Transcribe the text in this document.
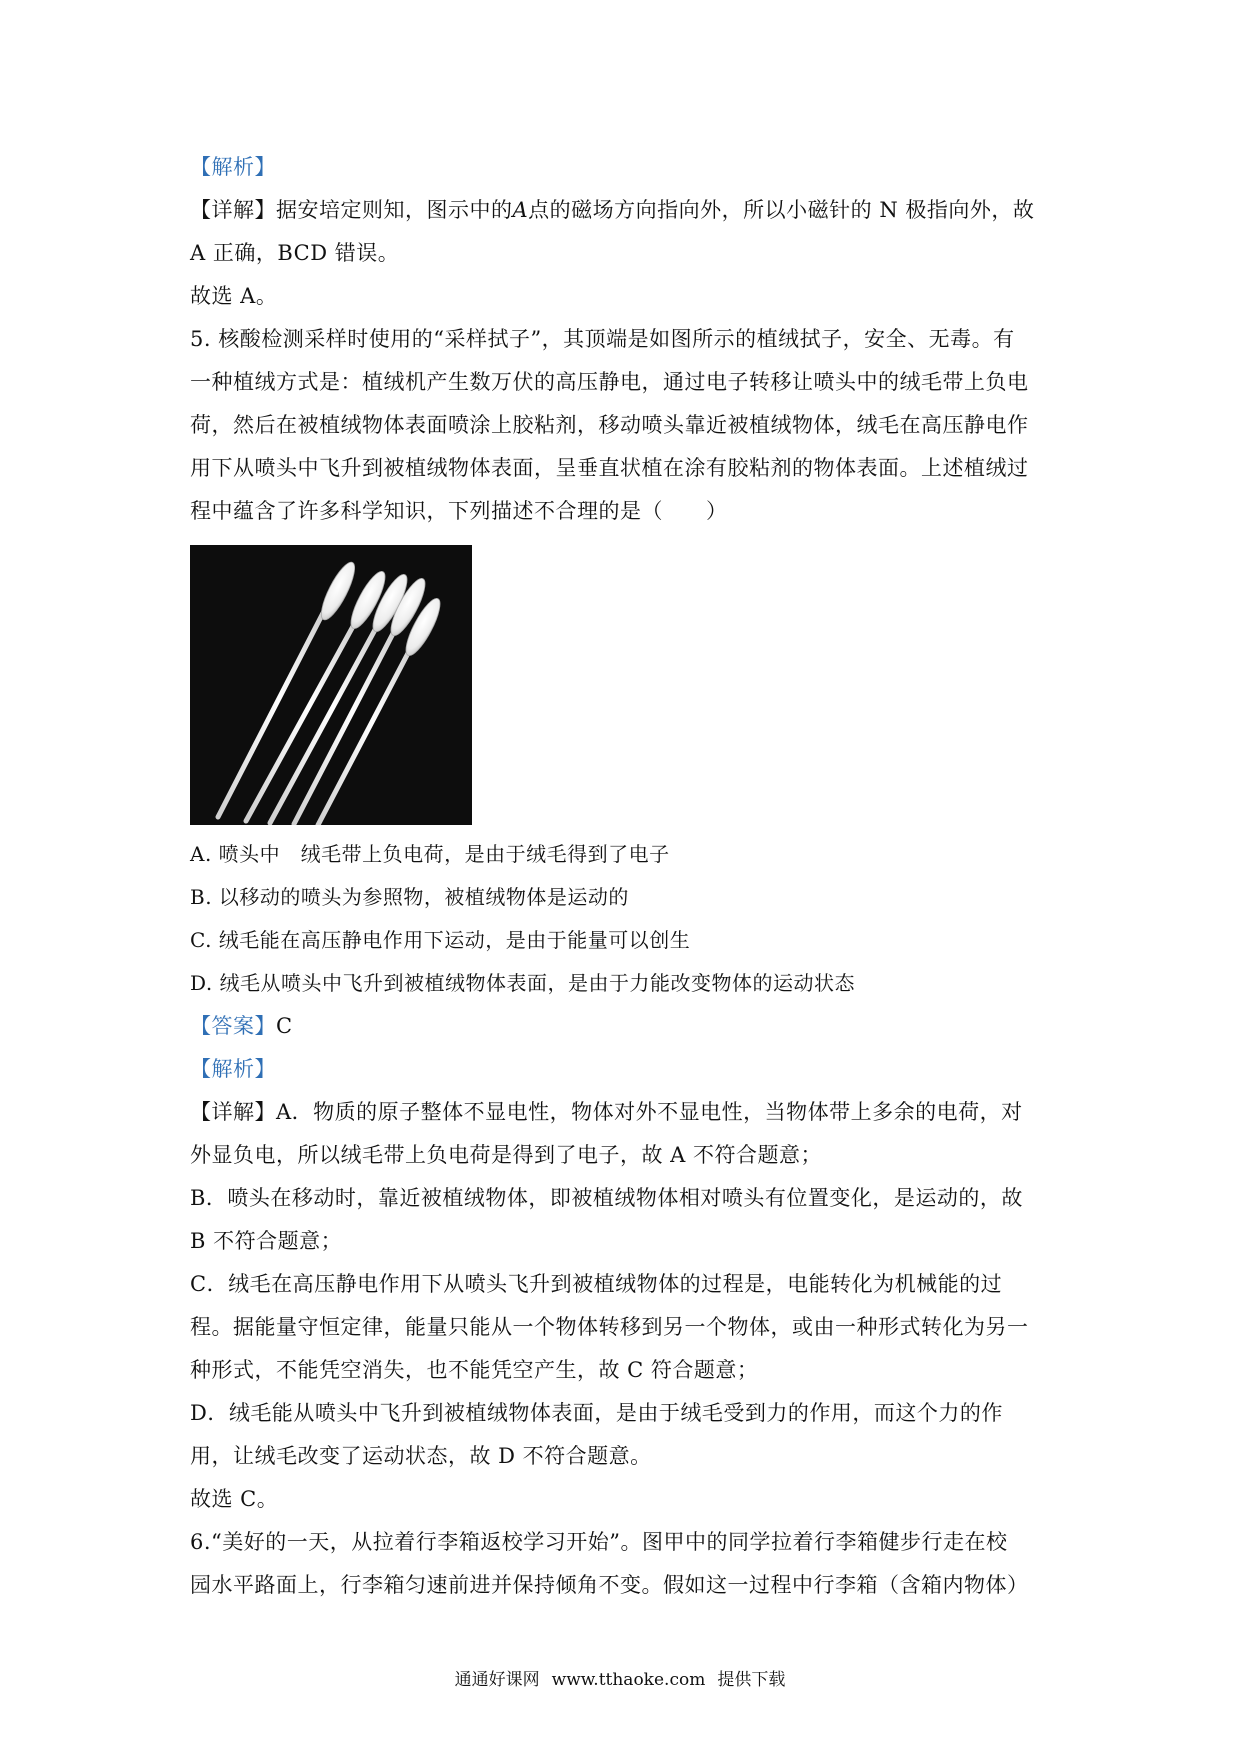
【解析】
【详解】据安培定则知，图示中的A点的磁场方向指向外，所以小磁针的 N 极指向外，故
A 正确，BCD 错误。
故选 A。
5. 核酸检测采样时使用的“采样拭子”，其顶端是如图所示的植绒拭子，安全、无毒。有
一种植绒方式是：植绒机产生数万伏的高压静电，通过电子转移让喷头中的绒毛带上负电
荷，然后在被植绒物体表面喷涂上胶粘剂，移动喷头靠近被植绒物体，绒毛在高压静电作
用下从喷头中飞升到被植绒物体表面，呈垂直状植在涂有胶粘剂的物体表面。上述植绒过
程中蕴含了许多科学知识，下列描述不合理的是（　　）
A. 喷头中　绒毛带上负电荷，是由于绒毛得到了电子
B. 以移动的喷头为参照物，被植绒物体是运动的
C. 绒毛能在高压静电作用下运动，是由于能量可以创生
D. 绒毛从喷头中飞升到被植绒物体表面，是由于力能改变物体的运动状态
【答案】C
【解析】
【详解】A．物质的原子整体不显电性，物体对外不显电性，当物体带上多余的电荷，对
外显负电，所以绒毛带上负电荷是得到了电子，故 A 不符合题意；
B．喷头在移动时，靠近被植绒物体，即被植绒物体相对喷头有位置变化，是运动的，故
B 不符合题意；
C．绒毛在高压静电作用下从喷头飞升到被植绒物体的过程是，电能转化为机械能的过
程。据能量守恒定律，能量只能从一个物体转移到另一个物体，或由一种形式转化为另一
种形式，不能凭空消失，也不能凭空产生，故 C 符合题意；
D．绒毛能从喷头中飞升到被植绒物体表面，是由于绒毛受到力的作用，而这个力的作
用，让绒毛改变了运动状态，故 D 不符合题意。
故选 C。
6.“美好的一天，从拉着行李箱返校学习开始”。图甲中的同学拉着行李箱健步行走在校
园水平路面上，行李箱匀速前进并保持倾角不变。假如这一过程中行李箱（含箱内物体）
通通好课网 www.tthaoke.com 提供下载
